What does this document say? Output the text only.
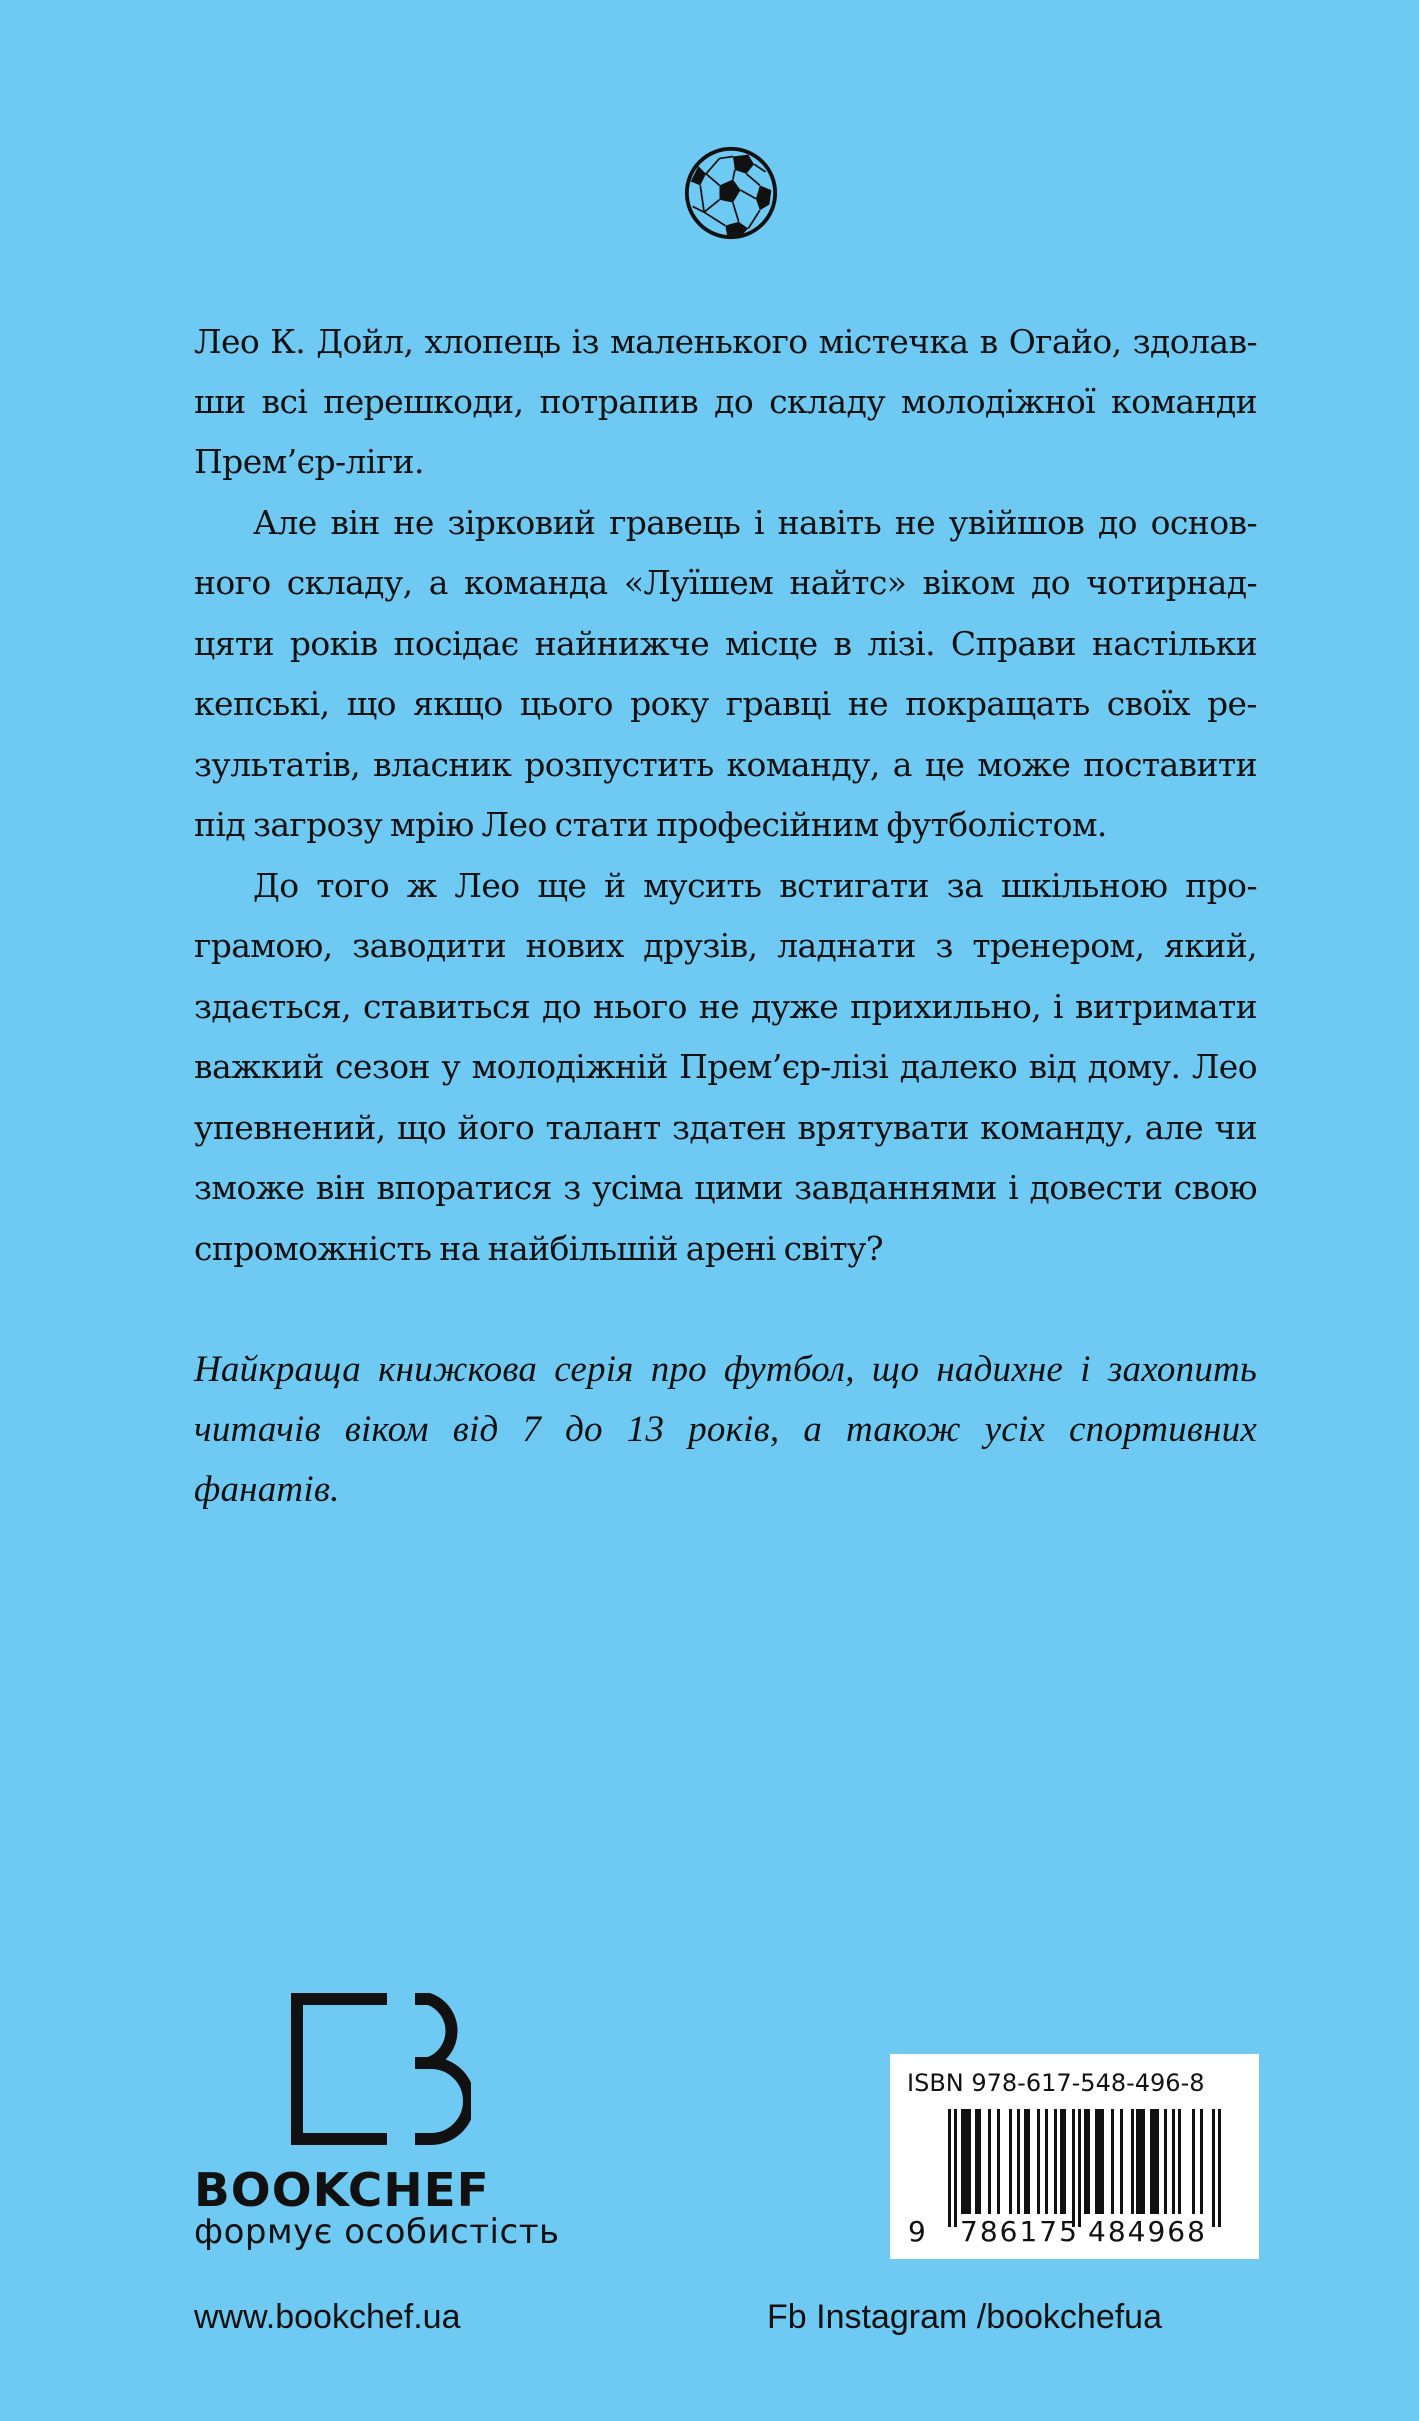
Лео К. Дойл, хлопець із маленького містечка в Огайо, здолав-
ши всі перешкоди, потрапив до складу молодіжної команди
Прем’єр-ліги.
Але він не зірковий гравець і навіть не увійшов до основ-
ного складу, а команда «Луїшем найтс» віком до чотирнад-
цяти років посідає найнижче місце в лізі. Справи настільки
кепські, що якщо цього року гравці не покращать своїх ре-
зультатів, власник розпустить команду, а це може поставити
під загрозу мрію Лео стати професійним футболістом.
До того ж Лео ще й мусить встигати за шкільною про-
грамою, заводити нових друзів, ладнати з тренером, який,
здається, ставиться до нього не дуже прихильно, і витримати
важкий сезон у молодіжній Прем’єр-лізі далеко від дому. Лео
упевнений, що його талант здатен врятувати команду, але чи
зможе він впоратися з усіма цими завданнями і довести свою
спроможність на найбільшій арені світу?
Найкраща книжкова серія про футбол, що надихне і захопить
читачів віком від 7 до 13 років, а також усіх спортивних
фанатів.
BOOKCHEF
формує особистість
ISBN 978-617-548-496-8
9 786175 484968
www.bookchef.ua	Fb Instagram /bookchefua
